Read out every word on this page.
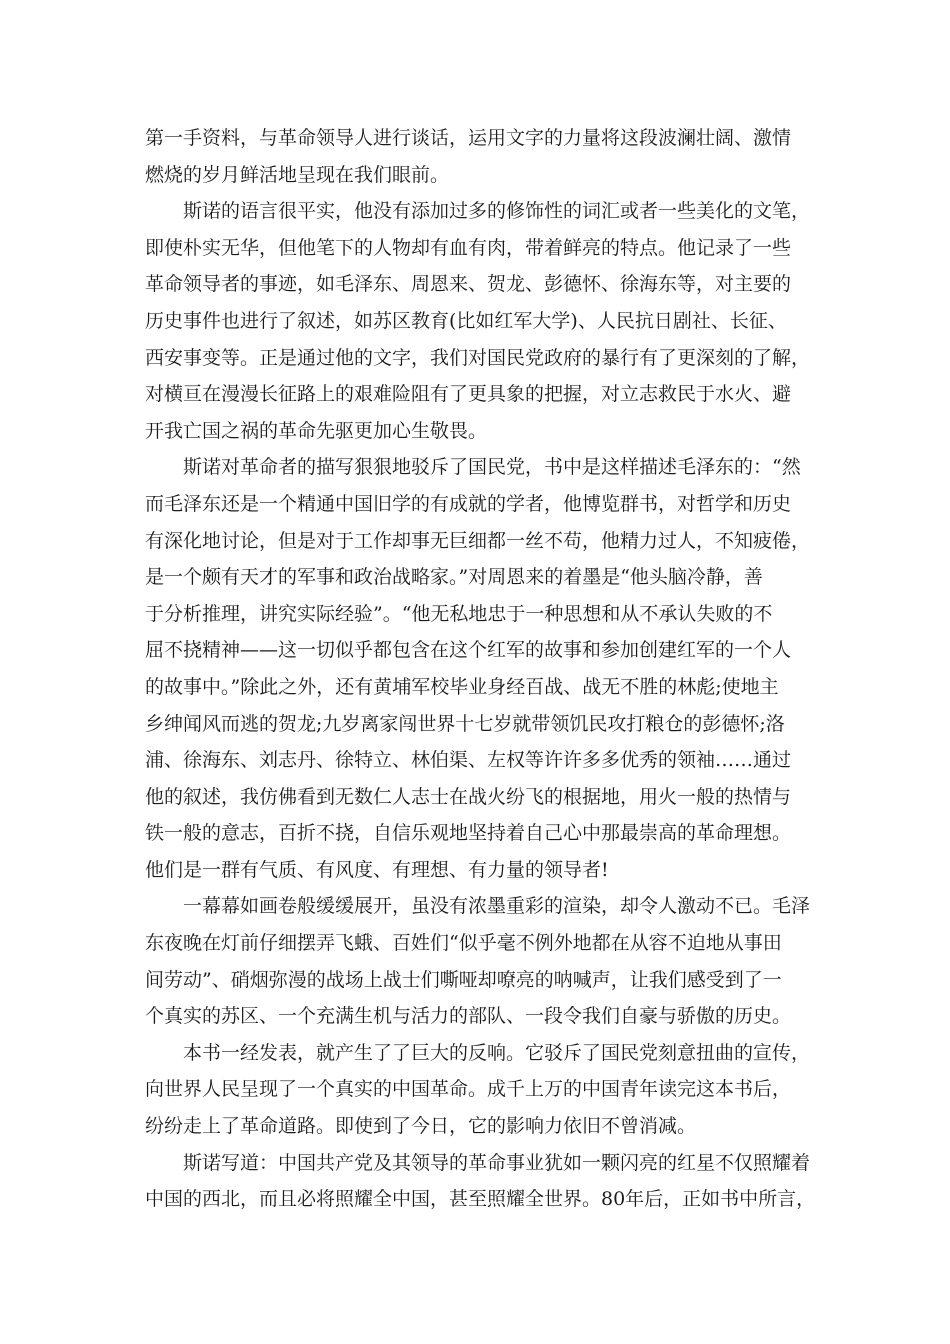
第一手资料，与革命领导人进行谈话，运用文字的力量将这段波澜壮阔、激情
燃烧的岁月鲜活地呈现在我们眼前。
　　斯诺的语言很平实，他没有添加过多的修饰性的词汇或者一些美化的文笔，
即使朴实无华，但他笔下的人物却有血有肉，带着鲜亮的特点。他记录了一些
革命领导者的事迹，如毛泽东、周恩来、贺龙、彭德怀、徐海东等，对主要的
历史事件也进行了叙述，如苏区教育(比如红军大学)、人民抗日剧社、长征、
西安事变等。正是通过他的文字，我们对国民党政府的暴行有了更深刻的了解，
对横亘在漫漫长征路上的艰难险阻有了更具象的把握，对立志救民于水火、避
开我亡国之祸的革命先驱更加心生敬畏。
　　斯诺对革命者的描写狠狠地驳斥了国民党，书中是这样描述毛泽东的：“然
而毛泽东还是一个精通中国旧学的有成就的学者，他博览群书，对哲学和历史
有深化地讨论，但是对于工作却事无巨细都一丝不苟，他精力过人，不知疲倦，
是一个颇有天才的军事和政治战略家。”对周恩来的着墨是“他头脑冷静，善
于分析推理，讲究实际经验”。“他无私地忠于一种思想和从不承认失败的不
屈不挠精神——这一切似乎都包含在这个红军的故事和参加创建红军的一个人
的故事中。”除此之外，还有黄埔军校毕业身经百战、战无不胜的林彪;使地主
乡绅闻风而逃的贺龙;九岁离家闯世界十七岁就带领饥民攻打粮仓的彭德怀;洛
浦、徐海东、刘志丹、徐特立、林伯渠、左权等许许多多优秀的领袖……通过
他的叙述，我仿佛看到无数仁人志士在战火纷飞的根据地，用火一般的热情与
铁一般的意志，百折不挠，自信乐观地坚持着自己心中那最崇高的革命理想。
他们是一群有气质、有风度、有理想、有力量的领导者!
　　一幕幕如画卷般缓缓展开，虽没有浓墨重彩的渲染，却令人激动不已。毛泽
东夜晚在灯前仔细摆弄飞蛾、百姓们“似乎毫不例外地都在从容不迫地从事田
间劳动”、硝烟弥漫的战场上战士们嘶哑却嘹亮的呐喊声，让我们感受到了一
个真实的苏区、一个充满生机与活力的部队、一段令我们自豪与骄傲的历史。
　　本书一经发表，就产生了了巨大的反响。它驳斥了国民党刻意扭曲的宣传，
向世界人民呈现了一个真实的中国革命。成千上万的中国青年读完这本书后，
纷纷走上了革命道路。即使到了今日，它的影响力依旧不曾消减。
　　斯诺写道：中国共产党及其领导的革命事业犹如一颗闪亮的红星不仅照耀着
中国的西北，而且必将照耀全中国，甚至照耀全世界。80年后，正如书中所言，
